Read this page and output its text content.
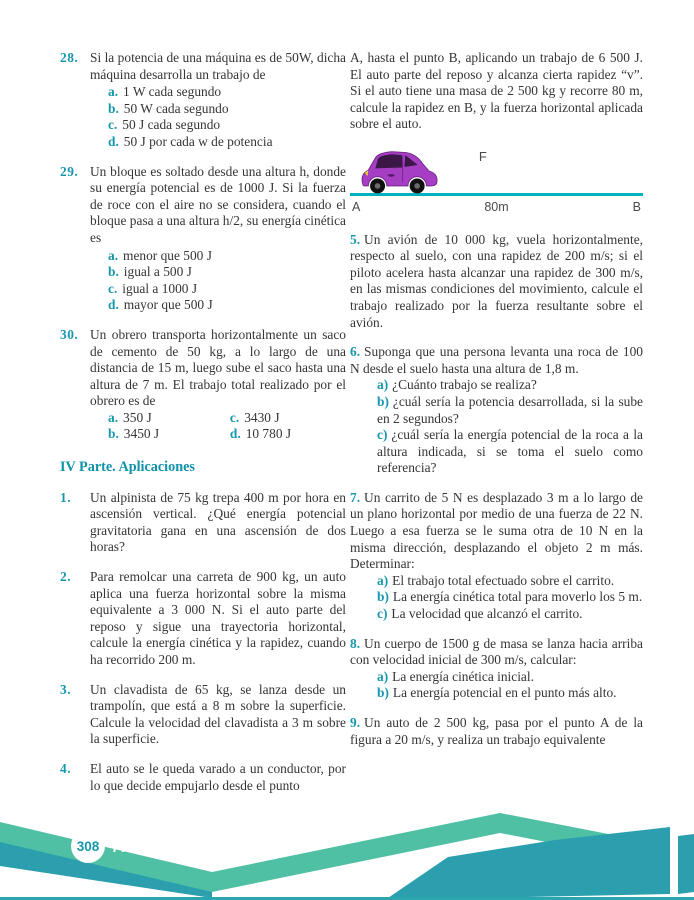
28. Si la potencia de una máquina es de 50W, dicha máquina desarrolla un trabajo de
a. 1 W cada segundo
b. 50 W cada segundo
c. 50 J cada segundo
d. 50 J por cada w de potencia
29. Un bloque es soltado desde una altura h, donde su energía potencial es de 1000 J. Si la fuerza de roce con el aire no se considera, cuando el bloque pasa a una altura h/2, su energía cinética es
a. menor que 500 J
b. igual a 500 J
c. igual a 1000 J
d. mayor que 500 J
30. Un obrero transporta horizontalmente un saco de cemento de 50 kg, a lo largo de una distancia de 15 m, luego sube el saco hasta una altura de 7 m. El trabajo total realizado por el obrero es de
a. 350 J	c. 3430 J
b. 3450 J	d. 10 780 J
IV Parte. Aplicaciones
1.	Un alpinista de 75 kg trepa 400 m por hora en ascensión vertical. ¿Qué energía potencial gravitatoria gana en una ascensión de dos horas?
2.	Para remolcar una carreta de 900 kg, un auto aplica una fuerza horizontal sobre la misma equivalente a 3 000 N. Si el auto parte del reposo y sigue una trayectoria horizontal, calcule la energía cinética y la rapidez, cuando ha recorrido 200 m.
3.	Un clavadista de 65 kg, se lanza desde un trampolín, que está a 8 m sobre la superficie. Calcule la velocidad del clavadista a 3 m sobre la superficie.
4.	El auto se le queda varado a un conductor, por lo que decide empujarlo desde el punto
A, hasta el punto B, aplicando un trabajo de 6 500 J. El auto parte del reposo y alcanza cierta rapidez “v”. Si el auto tiene una masa de 2 500 kg y recorre 80 m, calcule la rapidez en B, y la fuerza horizontal aplicada sobre el auto.
F
A	80m	B
5. Un avión de 10 000 kg, vuela horizontalmente, respecto al suelo, con una rapidez de 200 m/s; si el piloto acelera hasta alcanzar una rapidez de 300 m/s, en las mismas condiciones del movimiento, calcule el trabajo realizado por la fuerza resultante sobre el avión.
6. Suponga que una persona levanta una roca de 100 N desde el suelo hasta una altura de 1,8 m.
a) ¿Cuánto trabajo se realiza?
b) ¿cuál sería la potencia desarrollada, si la sube en 2 segundos?
c) ¿cuál sería la energía potencial de la roca a la altura indicada, si se toma el suelo como referencia?
7. Un carrito de 5 N es desplazado 3 m a lo largo de un plano horizontal por medio de una fuerza de 22 N. Luego a esa fuerza se le suma otra de 10 N en la misma dirección, desplazando el objeto 2 m más. Determinar:
a) El trabajo total efectuado sobre el carrito.
b) La energía cinética total para moverlo los 5 m.
c) La velocidad que alcanzó el carrito.
8. Un cuerpo de 1500 g de masa se lanza hacia arriba con velocidad inicial de 300 m/s, calcular:
a) La energía cinética inicial.
b) La energía potencial en el punto más alto.
9. Un auto de 2 500 kg, pasa por el punto A de la figura a 20 m/s, y realiza un trabajo equivalente
308 Física 10º
